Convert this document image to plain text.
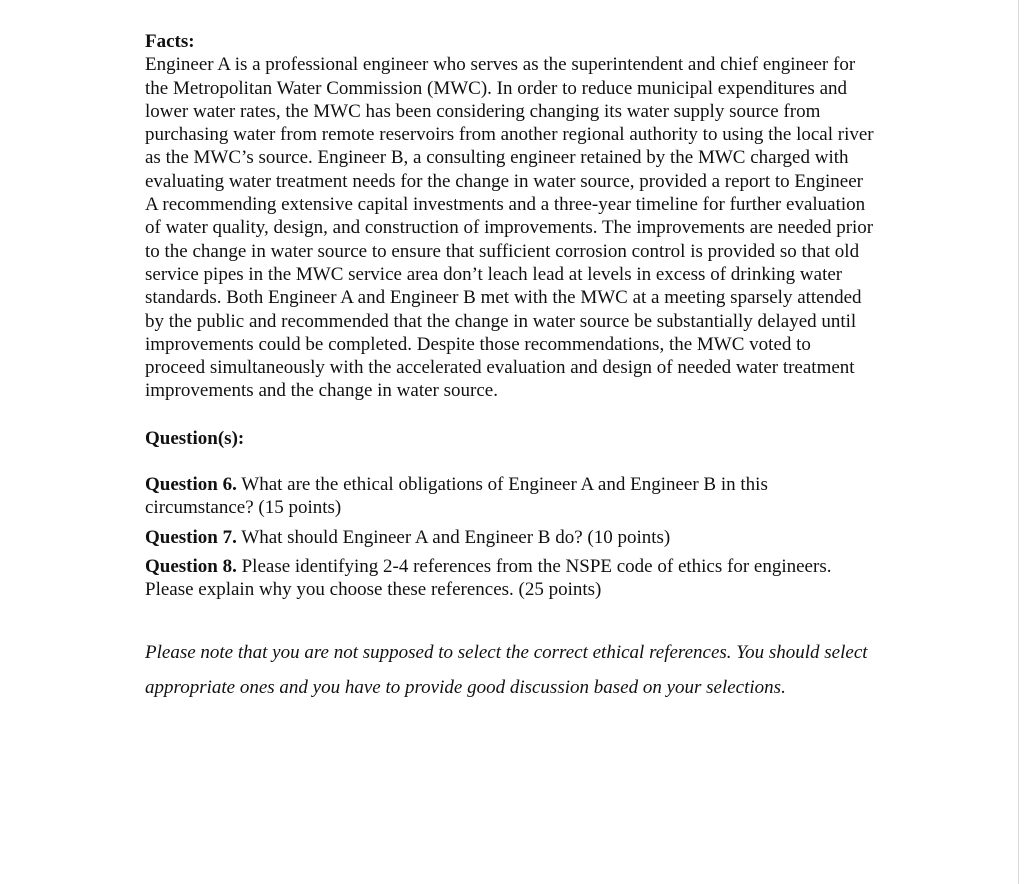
Facts:

Engineer A is a professional engineer who serves as the superintendent and chief engineer for the Metropolitan Water Commission (MWC). In order to reduce municipal expenditures and lower water rates, the MWC has been considering changing its water supply source from purchasing water from remote reservoirs from another regional authority to using the local river as the MWC’s source. Engineer B, a consulting engineer retained by the MWC charged with evaluating water treatment needs for the change in water source, provided a report to Engineer A recommending extensive capital investments and a three-year timeline for further evaluation of water quality, design, and construction of improvements. The improvements are needed prior to the change in water source to ensure that sufficient corrosion control is provided so that old service pipes in the MWC service area don’t leach lead at levels in excess of drinking water standards. Both Engineer A and Engineer B met with the MWC at a meeting sparsely attended by the public and recommended that the change in water source be substantially delayed until improvements could be completed. Despite those recommendations, the MWC voted to proceed simultaneously with the accelerated evaluation and design of needed water treatment improvements and the change in water source.

Question(s):

Question 6. What are the ethical obligations of Engineer A and Engineer B in this circumstance? (15 points)

Question 7. What should Engineer A and Engineer B do? (10 points)

Question 8. Please identifying 2-4 references from the NSPE code of ethics for engineers. Please explain why you choose these references. (25 points)

Please note that you are not supposed to select the correct ethical references. You should select appropriate ones and you have to provide good discussion based on your selections.
